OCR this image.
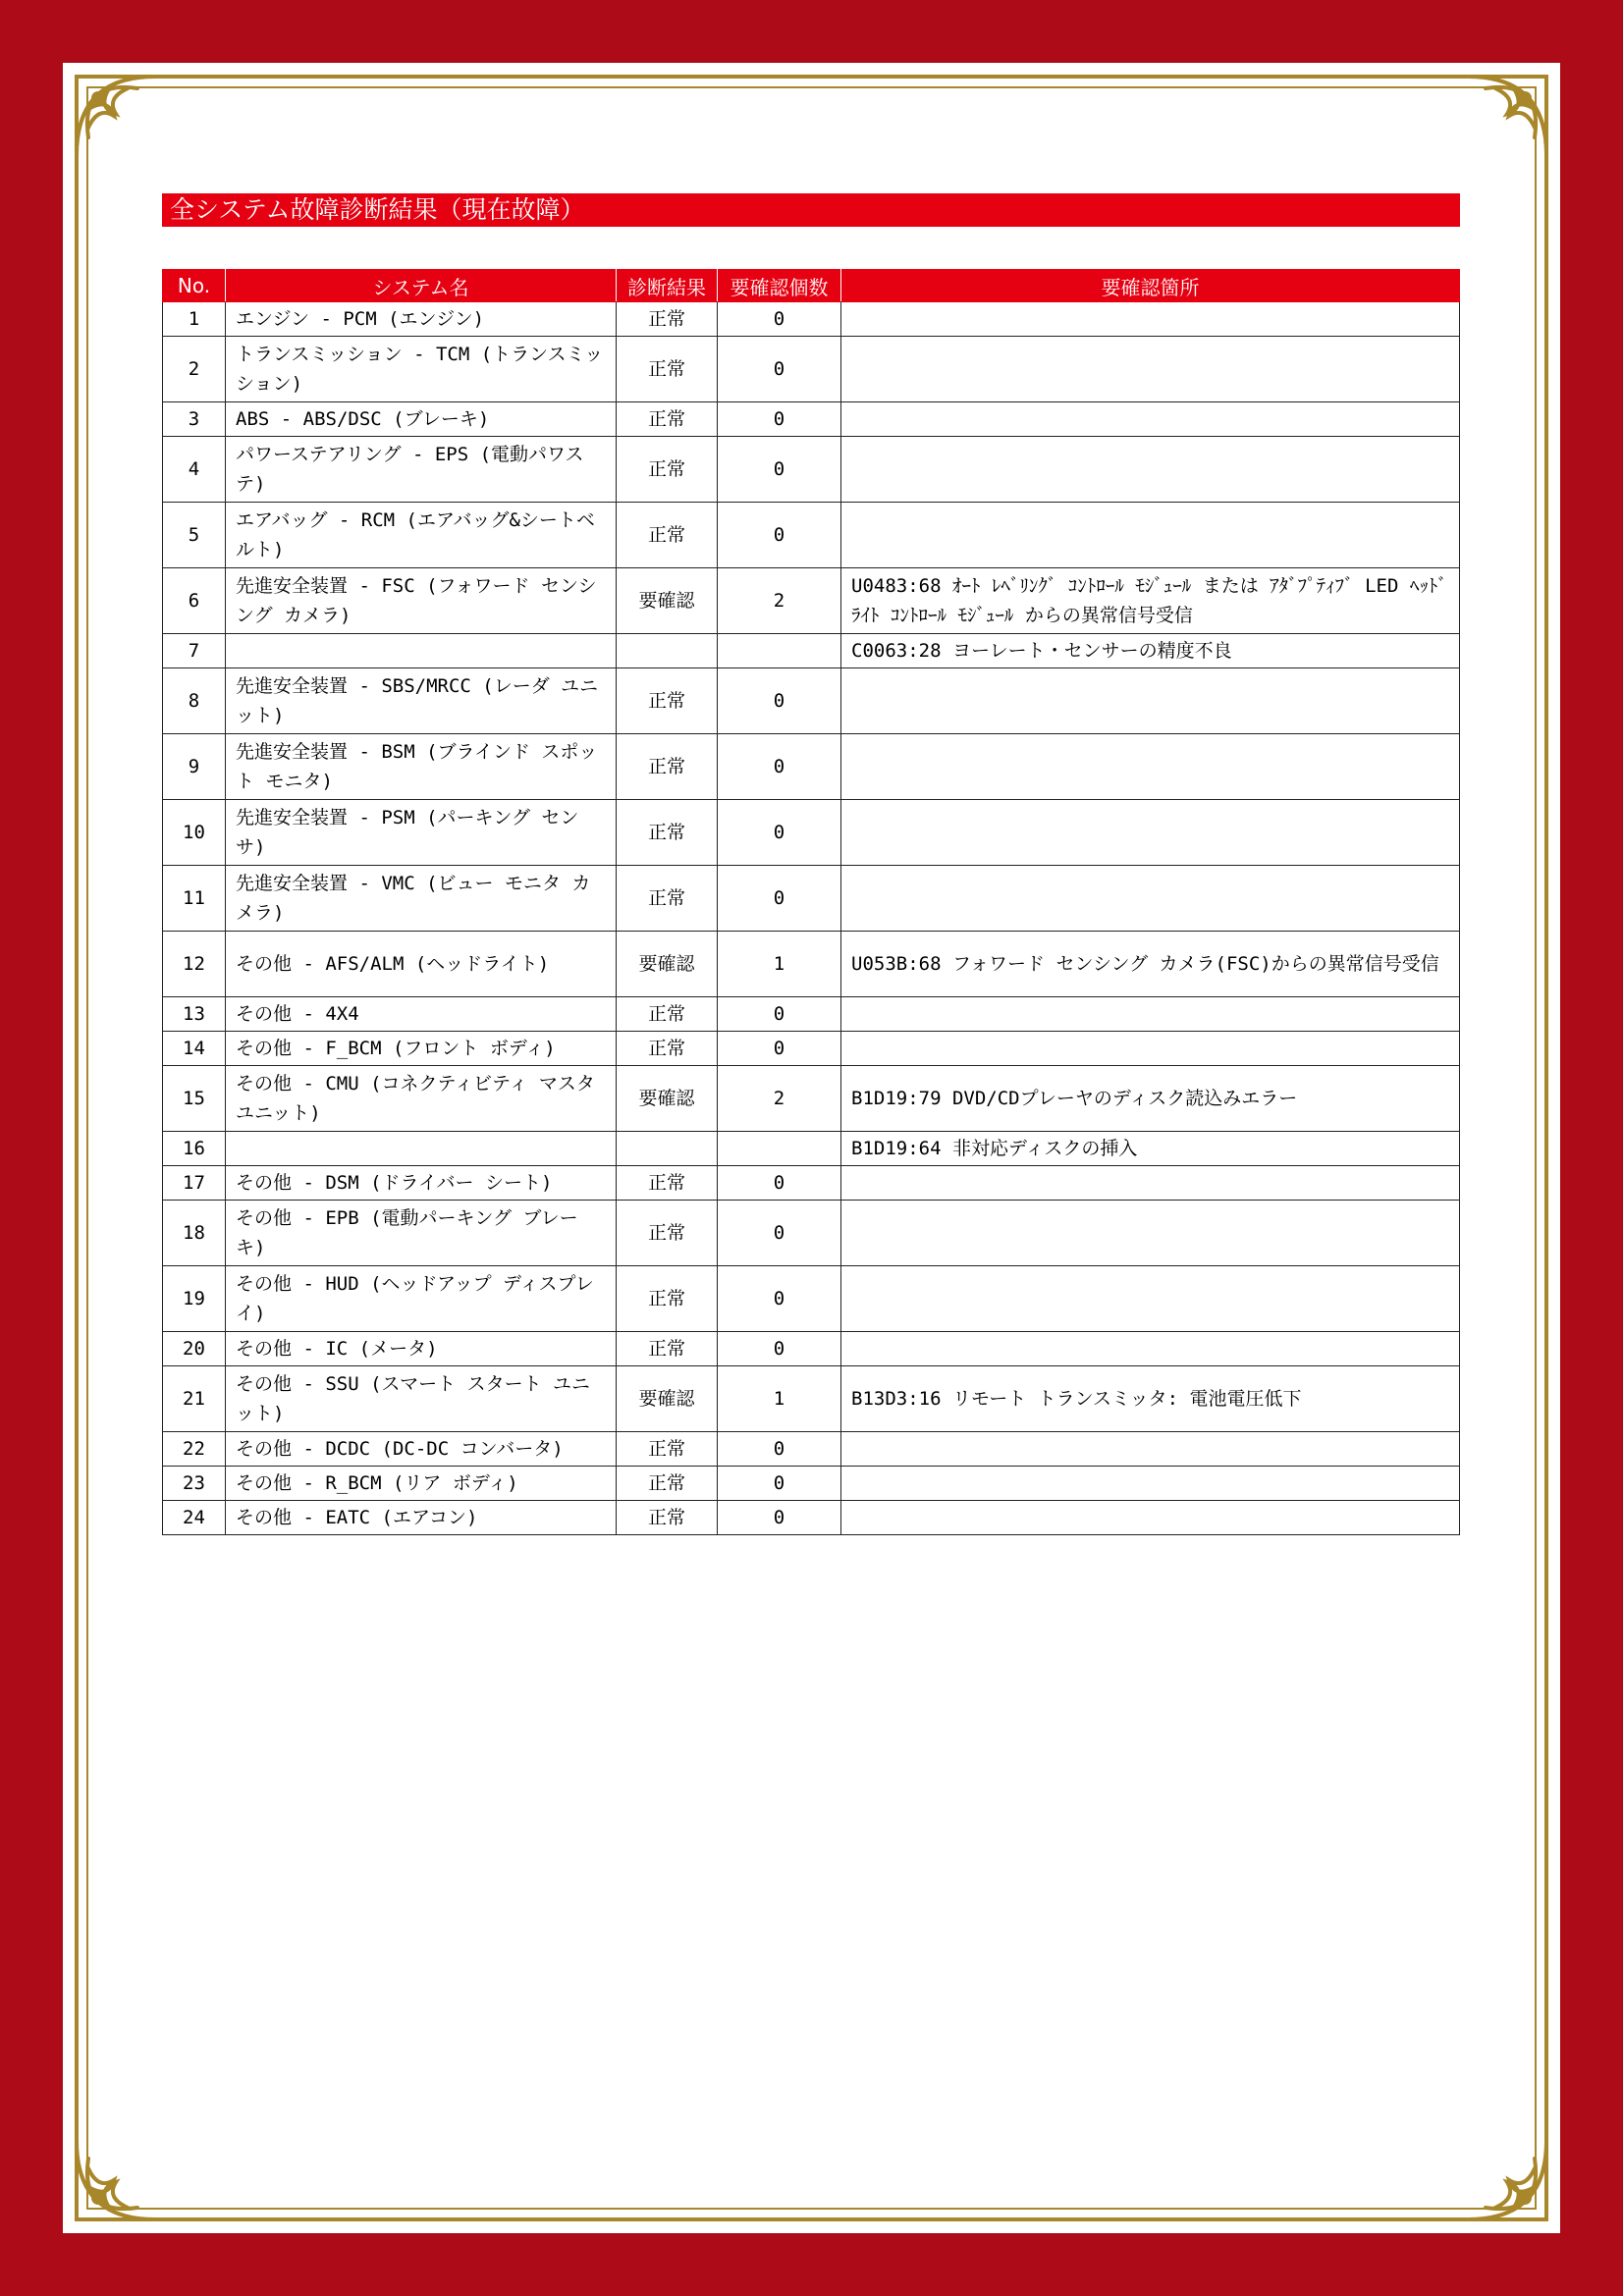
全システム故障診断結果（現在故障）
No.	システム名	診断結果	要確認個数	要確認箇所
1	エンジン - PCM (エンジン)	正常	0	
2	トランスミッション - TCM (トランスミッション)	正常	0	
3	ABS - ABS/DSC (ブレーキ)	正常	0	
4	パワーステアリング - EPS (電動パワステ)	正常	0	
5	エアバッグ - RCM (エアバッグ&シートベルト)	正常	0	
6	先進安全装置 - FSC (フォワード センシング カメラ)	要確認	2	U0483:68 ｵｰﾄ ﾚﾍﾞﾘﾝｸﾞ ｺﾝﾄﾛｰﾙ ﾓｼﾞｭｰﾙ または ｱﾀﾞﾌﾟﾃｨﾌﾞ LED ﾍｯﾄﾞﾗｲﾄ ｺﾝﾄﾛｰﾙ ﾓｼﾞｭｰﾙ からの異常信号受信
7				C0063:28 ヨーレート・センサーの精度不良
8	先進安全装置 - SBS/MRCC (レーダ ユニット)	正常	0	
9	先進安全装置 - BSM (ブラインド スポット モニタ)	正常	0	
10	先進安全装置 - PSM (パーキング センサ)	正常	0	
11	先進安全装置 - VMC (ビュー モニタ カメラ)	正常	0	
12	その他 - AFS/ALM (ヘッドライト)	要確認	1	U053B:68 フォワード センシング カメラ(FSC)からの異常信号受信
13	その他 - 4X4	正常	0	
14	その他 - F_BCM (フロント ボディ)	正常	0	
15	その他 - CMU (コネクティビティ マスタ ユニット)	要確認	2	B1D19:79 DVD/CDプレーヤのディスク読込みエラー
16				B1D19:64 非対応ディスクの挿入
17	その他 - DSM (ドライバー シート)	正常	0	
18	その他 - EPB (電動パーキング ブレーキ)	正常	0	
19	その他 - HUD (ヘッドアップ ディスプレイ)	正常	0	
20	その他 - IC (メータ)	正常	0	
21	その他 - SSU (スマート スタート ユニット)	要確認	1	B13D3:16 リモート トランスミッタ: 電池電圧低下
22	その他 - DCDC (DC-DC コンバータ)	正常	0	
23	その他 - R_BCM (リア ボディ)	正常	0	
24	その他 - EATC (エアコン)	正常	0	
